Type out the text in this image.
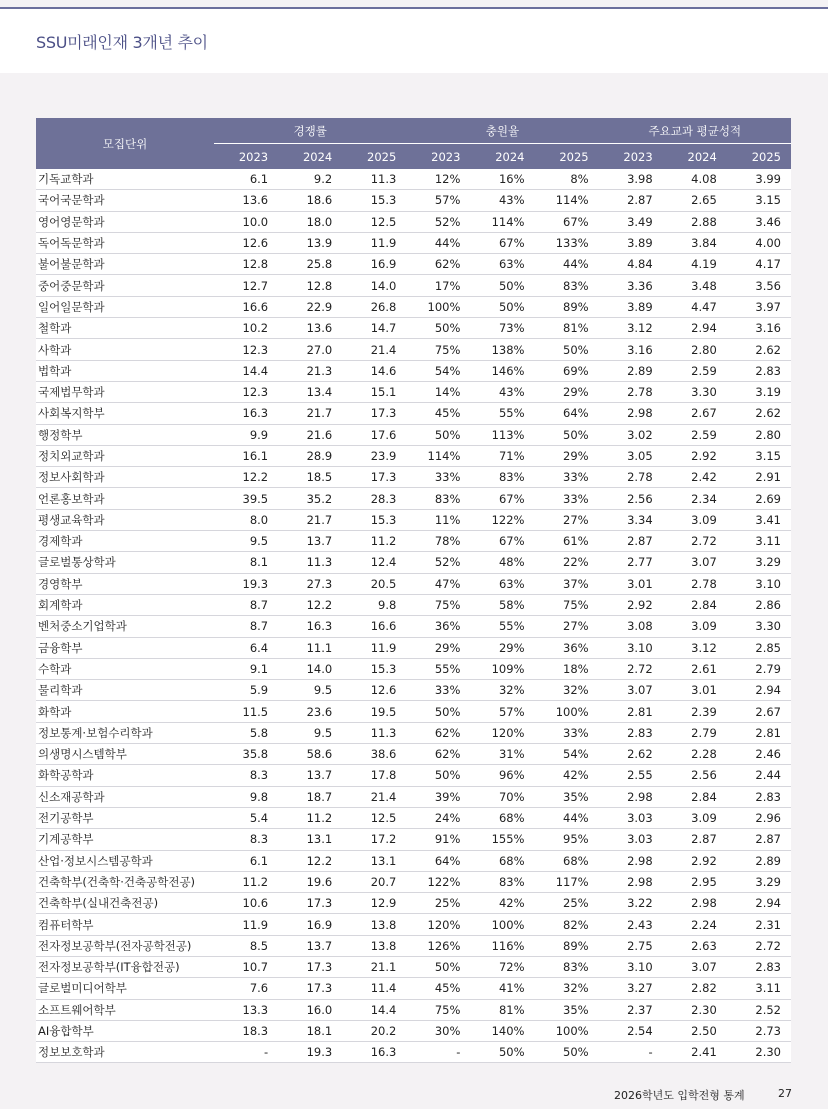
SSU미래인재 3개년 추이
모집단위	경쟁률			충원율			주요교과 평균성적		
	2023	2024	2025	2023	2024	2025	2023	2024	2025
기독교학과	6.1	9.2	11.3	12%	16%	8%	3.98	4.08	3.99
국어국문학과	13.6	18.6	15.3	57%	43%	114%	2.87	2.65	3.15
영어영문학과	10.0	18.0	12.5	52%	114%	67%	3.49	2.88	3.46
독어독문학과	12.6	13.9	11.9	44%	67%	133%	3.89	3.84	4.00
불어불문학과	12.8	25.8	16.9	62%	63%	44%	4.84	4.19	4.17
중어중문학과	12.7	12.8	14.0	17%	50%	83%	3.36	3.48	3.56
일어일문학과	16.6	22.9	26.8	100%	50%	89%	3.89	4.47	3.97
철학과	10.2	13.6	14.7	50%	73%	81%	3.12	2.94	3.16
사학과	12.3	27.0	21.4	75%	138%	50%	3.16	2.80	2.62
법학과	14.4	21.3	14.6	54%	146%	69%	2.89	2.59	2.83
국제법무학과	12.3	13.4	15.1	14%	43%	29%	2.78	3.30	3.19
사회복지학부	16.3	21.7	17.3	45%	55%	64%	2.98	2.67	2.62
행정학부	9.9	21.6	17.6	50%	113%	50%	3.02	2.59	2.80
정치외교학과	16.1	28.9	23.9	114%	71%	29%	3.05	2.92	3.15
정보사회학과	12.2	18.5	17.3	33%	83%	33%	2.78	2.42	2.91
언론홍보학과	39.5	35.2	28.3	83%	67%	33%	2.56	2.34	2.69
평생교육학과	8.0	21.7	15.3	11%	122%	27%	3.34	3.09	3.41
경제학과	9.5	13.7	11.2	78%	67%	61%	2.87	2.72	3.11
글로벌통상학과	8.1	11.3	12.4	52%	48%	22%	2.77	3.07	3.29
경영학부	19.3	27.3	20.5	47%	63%	37%	3.01	2.78	3.10
회계학과	8.7	12.2	9.8	75%	58%	75%	2.92	2.84	2.86
벤처중소기업학과	8.7	16.3	16.6	36%	55%	27%	3.08	3.09	3.30
금융학부	6.4	11.1	11.9	29%	29%	36%	3.10	3.12	2.85
수학과	9.1	14.0	15.3	55%	109%	18%	2.72	2.61	2.79
물리학과	5.9	9.5	12.6	33%	32%	32%	3.07	3.01	2.94
화학과	11.5	23.6	19.5	50%	57%	100%	2.81	2.39	2.67
정보통계·보험수리학과	5.8	9.5	11.3	62%	120%	33%	2.83	2.79	2.81
의생명시스템학부	35.8	58.6	38.6	62%	31%	54%	2.62	2.28	2.46
화학공학과	8.3	13.7	17.8	50%	96%	42%	2.55	2.56	2.44
신소재공학과	9.8	18.7	21.4	39%	70%	35%	2.98	2.84	2.83
전기공학부	5.4	11.2	12.5	24%	68%	44%	3.03	3.09	2.96
기계공학부	8.3	13.1	17.2	91%	155%	95%	3.03	2.87	2.87
산업·정보시스템공학과	6.1	12.2	13.1	64%	68%	68%	2.98	2.92	2.89
건축학부(건축학·건축공학전공)	11.2	19.6	20.7	122%	83%	117%	2.98	2.95	3.29
건축학부(실내건축전공)	10.6	17.3	12.9	25%	42%	25%	3.22	2.98	2.94
컴퓨터학부	11.9	16.9	13.8	120%	100%	82%	2.43	2.24	2.31
전자정보공학부(전자공학전공)	8.5	13.7	13.8	126%	116%	89%	2.75	2.63	2.72
전자정보공학부(IT융합전공)	10.7	17.3	21.1	50%	72%	83%	3.10	3.07	2.83
글로벌미디어학부	7.6	17.3	11.4	45%	41%	32%	3.27	2.82	3.11
소프트웨어학부	13.3	16.0	14.4	75%	81%	35%	2.37	2.30	2.52
AI융합학부	18.3	18.1	20.2	30%	140%	100%	2.54	2.50	2.73
정보보호학과	-	19.3	16.3	-	50%	50%	-	2.41	2.30
2026학년도 입학전형 통계	27
